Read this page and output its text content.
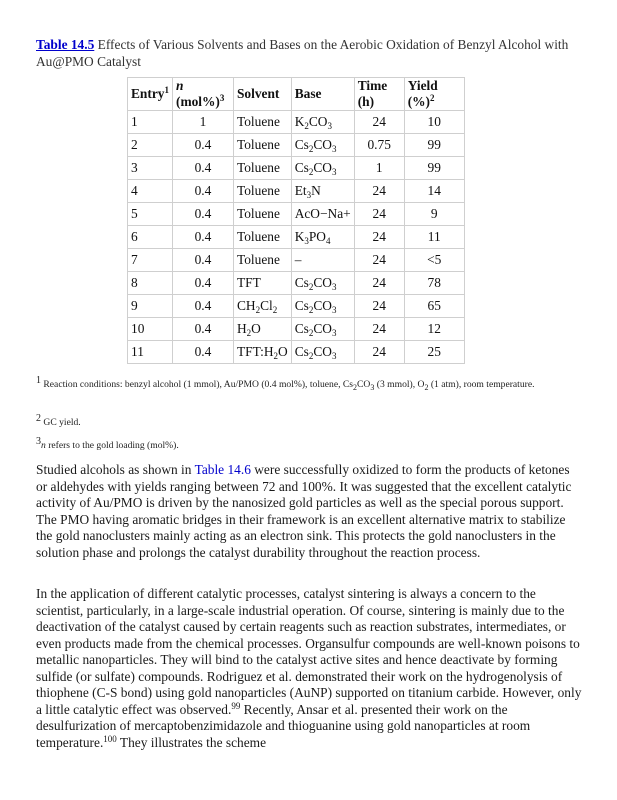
Table 14.5 Effects of Various Solvents and Bases on the Aerobic Oxidation of Benzyl Alcohol with Au@PMO Catalyst
Entry$^1$	n $(mol\%)^3$	Solvent	Base	Time (h)	Yield (%)$^2$
1	1	Toluene	$K_2CO_3$	24	10
2	0.4	Toluene	$Cs_2CO_3$	0.75	99
3	0.4	Toluene	$Cs_2CO_3$	1	99
4	0.4	Toluene	$Et_3N$	24	14
5	0.4	Toluene	AcO−Na+	24	9
6	0.4	Toluene	$K_3PO_4$	24	11
7	0.4	Toluene	–	24	<5
8	0.4	TFT	$Cs_2CO_3$	24	78
9	0.4	$CH_2Cl_2$	$Cs_2CO_3$	24	65
10	0.4	$H_2O$	$Cs_2CO_3$	24	12
11	0.4	$TFT:H_2O$	$Cs_2CO_3$	24	25
$^1$ Reaction conditions: benzyl alcohol (1 mmol), Au/PMO (0.4 mol%), toluene, $Cs_2CO_3$ (3 mmol), $O_2$ (1 atm), room temperature.
$^2$ GC yield.
$^3$n refers to the gold loading (mol%).

Studied alcohols as shown in Table 14.6 were successfully oxidized to form the products of ketones or aldehydes with yields ranging between 72 and 100%. It was suggested that the excellent catalytic activity of Au/PMO is driven by the nanosized gold particles as well as the special porous support. The PMO having aromatic bridges in their framework is an excellent alternative matrix to stabilize the gold nanoclusters mainly acting as an electron sink. This protects the gold nanoclusters in the solution phase and prolongs the catalyst durability throughout the reaction process.

In the application of different catalytic processes, catalyst sintering is always a concern to the scientist, particularly, in a large-scale industrial operation. Of course, sintering is mainly due to the deactivation of the catalyst caused by certain reagents such as reaction substrates, intermediates, or even products made from the chemical processes. Organsulfur compounds are well-known poisons to metallic nanoparticles. They will bind to the catalyst active sites and hence deactivate by forming sulfide (or sulfate) compounds. Rodriguez et al. demonstrated their work on the hydrogenolysis of thiophene (C-S bond) using gold nanoparticles (AuNP) supported on titanium carbide. However, only a little catalytic effect was observed.$^{99}$ Recently, Ansar et al. presented their work on the desulfurization of mercaptobenzimidazole and thioguanine using gold nanoparticles at room temperature.$^{100}$ They illustrates the scheme
